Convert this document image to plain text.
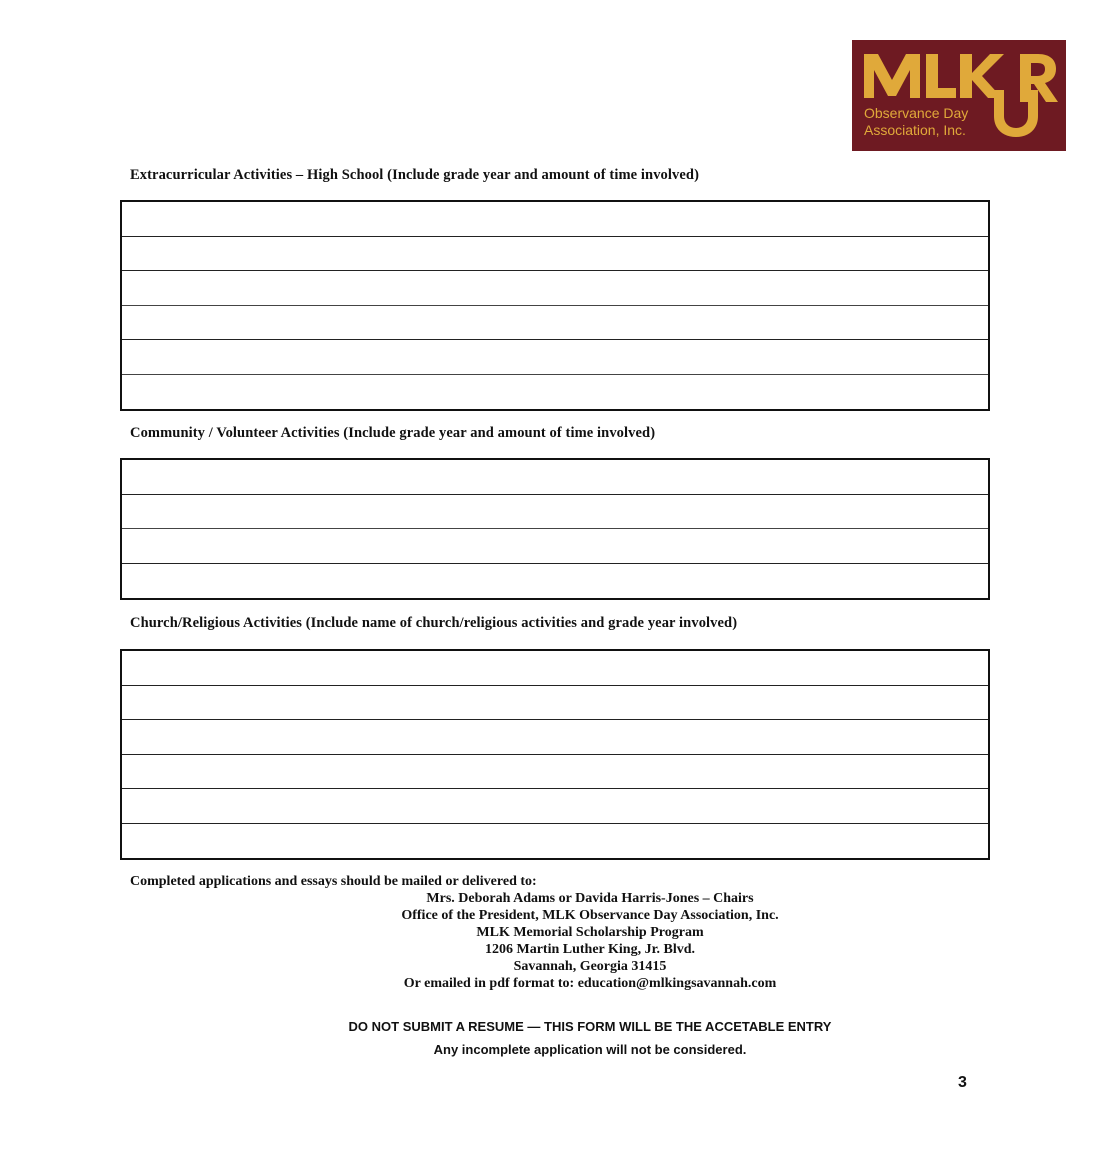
Observance Day
Association, Inc.
Extracurricular Activities – High School (Include grade year and amount of time involved)
Community / Volunteer Activities (Include grade year and amount of time involved)
Church/Religious Activities (Include name of church/religious activities and grade year involved)
Completed applications and essays should be mailed or delivered to:
Mrs. Deborah Adams or Davida Harris-Jones – Chairs
Office of the President, MLK Observance Day Association, Inc.
MLK Memorial Scholarship Program
1206 Martin Luther King, Jr. Blvd.
Savannah, Georgia 31415
Or emailed in pdf format to: education@mlkingsavannah.com
DO NOT SUBMIT A RESUME — THIS FORM WILL BE THE ACCETABLE ENTRY
Any incomplete application will not be considered.
3
